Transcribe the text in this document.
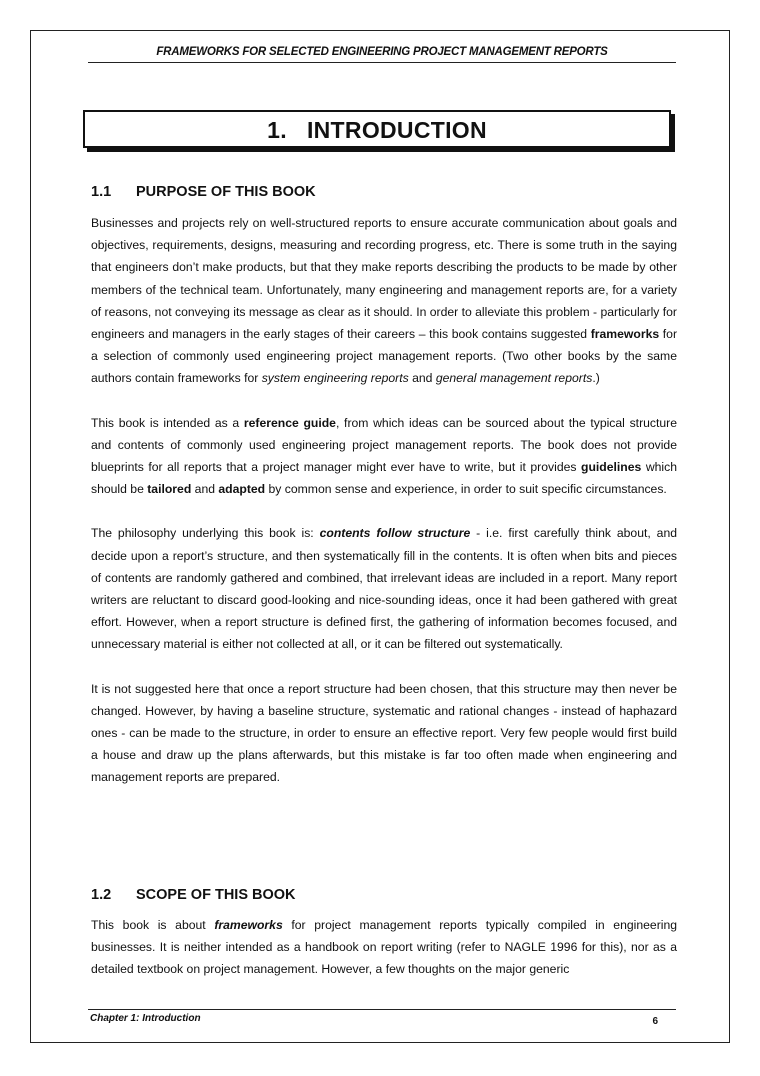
FRAMEWORKS FOR SELECTED ENGINEERING PROJECT MANAGEMENT REPORTS
1.   INTRODUCTION
1.1 PURPOSE OF THIS BOOK

Businesses and projects rely on well-structured reports to ensure accurate communication about goals and objectives, requirements, designs, measuring and recording progress, etc. There is some truth in the saying that engineers don’t make products, but that they make reports describing the products to be made by other members of the technical team. Unfortunately, many engineering and management reports are, for a variety of reasons, not conveying its message as clear as it should. In order to alleviate this problem - particularly for engineers and managers in the early stages of their careers – this book contains suggested frameworks for a selection of commonly used engineering project management reports. (Two other books by the same authors contain frameworks for system engineering reports and general management reports.)

This book is intended as a reference guide, from which ideas can be sourced about the typical structure and contents of commonly used engineering project management reports. The book does not provide blueprints for all reports that a project manager might ever have to write, but it provides guidelines which should be tailored and adapted by common sense and experience, in order to suit specific circumstances.

The philosophy underlying this book is: contents follow structure - i.e. first carefully think about, and decide upon a report’s structure, and then systematically fill in the contents. It is often when bits and pieces of contents are randomly gathered and combined, that irrelevant ideas are included in a report. Many report writers are reluctant to discard good-looking and nice-sounding ideas, once it had been gathered with great effort. However, when a report structure is defined first, the gathering of information becomes focused, and unnecessary material is either not collected at all, or it can be filtered out systematically.

It is not suggested here that once a report structure had been chosen, that this structure may then never be changed. However, by having a baseline structure, systematic and rational changes - instead of haphazard ones - can be made to the structure, in order to ensure an effective report. Very few people would first build a house and draw up the plans afterwards, but this mistake is far too often made when engineering and management reports are prepared.

1.2 SCOPE OF THIS BOOK

This book is about frameworks for project management reports typically compiled in engineering businesses. It is neither intended as a handbook on report writing (refer to NAGLE 1996 for this), nor as a detailed textbook on project management. However, a few thoughts on the major generic

Chapter 1: Introduction	6
